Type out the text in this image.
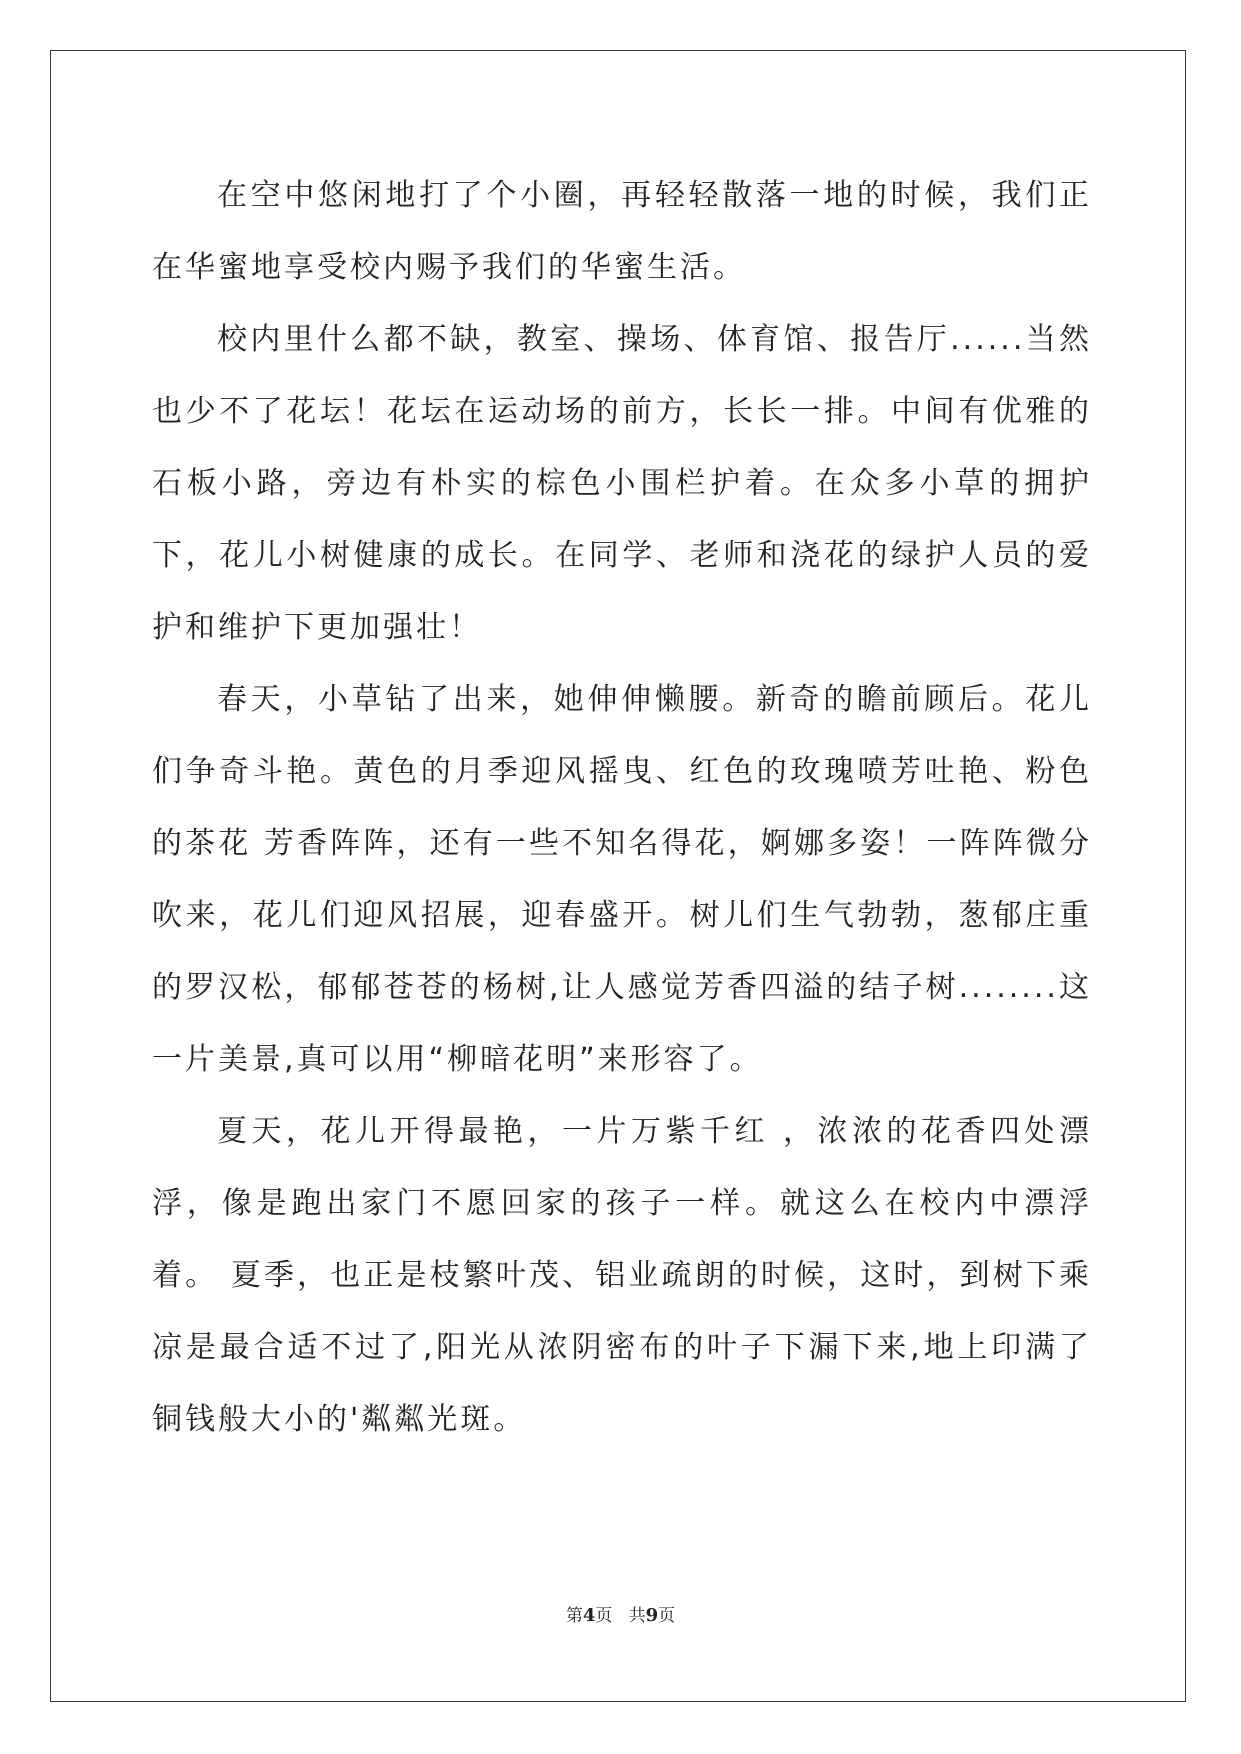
在空中悠闲地打了个小圈，再轻轻散落一地的时候，我们正在华蜜地享受校内赐予我们的华蜜生活。

校内里什么都不缺，教室、操场、体育馆、报告厅......当然也少不了花坛！花坛在运动场的前方，长长一排。中间有优雅的石板小路，旁边有朴实的棕色小围栏护着。在众多小草的拥护下，花儿小树健康的成长。在同学、老师和浇花的绿护人员的爱护和维护下更加强壮！

春天，小草钻了出来，她伸伸懒腰。新奇的瞻前顾后。花儿们争奇斗艳。黄色的月季迎风摇曳、红色的玫瑰喷芳吐艳、粉色的茶花 芳香阵阵，还有一些不知名得花，婀娜多姿！一阵阵微分吹来，花儿们迎风招展，迎春盛开。树儿们生气勃勃，葱郁庄重的罗汉松，郁郁苍苍的杨树,让人感觉芳香四溢的结子树........这一片美景,真可以用“柳暗花明”来形容了。

夏天，花儿开得最艳，一片万紫千红 ，浓浓的花香四处漂浮，像是跑出家门不愿回家的孩子一样。就这么在校内中漂浮着。 夏季，也正是枝繁叶茂、铝业疏朗的时候，这时，到树下乘凉是最合适不过了,阳光从浓阴密布的叶子下漏下来,地上印满了铜钱般大小的'粼粼光斑。

第4页 共9页
